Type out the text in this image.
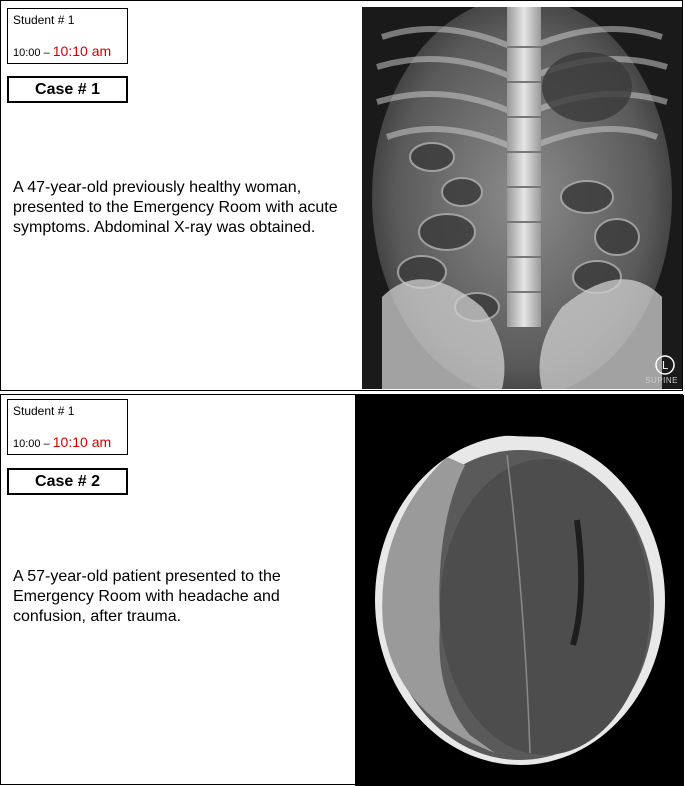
Student # 1
10:00 – 10:10 am
Case # 1
A 47-year-old previously healthy woman, presented to the Emergency Room with acute symptoms. Abdominal X-ray was obtained.
L
SUPINE
Student # 1
10:00 – 10:10 am
Case # 2
A 57-year-old patient presented to the Emergency Room with headache and confusion, after trauma.
